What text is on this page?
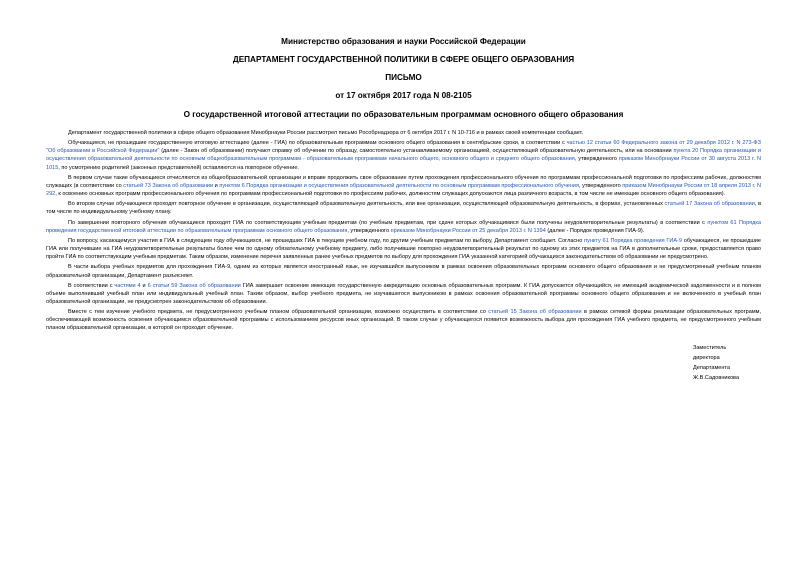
Министерство образования и науки Российской Федерации

ДЕПАРТАМЕНТ ГОСУДАРСТВЕННОЙ ПОЛИТИКИ В СФЕРЕ ОБЩЕГО ОБРАЗОВАНИЯ

ПИСЬМО

от 17 октября 2017 года N 08-2105

О государственной итоговой аттестации по образовательным программам основного общего образования

Департамент государственной политики в сфере общего образования Минобрнауки России рассмотрел письмо Рособрнадзора от 6 октября 2017 г. N 10-716 и в рамках своей компетенции сообщает.

Обучающиеся, не прошедшие государственную итоговую аттестацию (далее - ГИА) по образовательным программам основного общего образования в сентябрьские сроки, в соответствии с частью 12 статьи 60 Федерального закона от 29 декабря 2012 г. N 273-ФЗ "Об образовании в Российской Федерации" (далее - Закон об образовании) получают справку об обучении по образцу, самостоятельно устанавливаемому организацией, осуществляющей образовательную деятельность, или на основании пункта 20 Порядка организации и осуществления образовательной деятельности по основным общеобразовательным программам - образовательным программам начального общего, основного общего и среднего общего образования, утвержденного приказом Минобрнауки России от 30 августа 2013 г. N 1015, по усмотрению родителей (законных представителей) оставляются на повторное обучение.

В первом случае такие обучающиеся отчисляются из общеобразовательной организации и вправе продолжить свое образование путем прохождения профессионального обучения по программам профессиональной подготовки по профессиям рабочих, должностям служащих (в соответствии со статьей 73 Закона об образовании и пунктом 6 Порядка организации и осуществления образовательной деятельности по основным программам профессионального обучения, утвержденного приказом Минобрнауки России от 18 апреля 2013 г. N 292, к освоению основных программ профессионального обучения по программам профессиональной подготовки по профессиям рабочих, должностям служащих допускаются лица различного возраста, в том числе не имеющие основного общего образования).

Во втором случае обучающиеся проходят повторное обучение в организации, осуществляющей образовательную деятельность, или вне организации, осуществляющей образовательную деятельность, в формах, установленных статьей 17 Закона об образовании, в том числе по индивидуальному учебному плану.

По завершении повторного обучения обучающиеся проходят ГИА по соответствующим учебным предметам (по учебным предметам, при сдаче которых обучающимися были получены неудовлетворительные результаты) в соответствии с пунктом 61 Порядка проведения государственной итоговой аттестации по образовательным программам основного общего образования, утвержденного приказом Минобрнауки России от 25 декабря 2013 г. N 1394 (далее - Порядок проведения ГИА-9).

По вопросу, касающемуся участия в ГИА в следующем году обучающихся, не прошедших ГИА в текущем учебном году, по другим учебным предметам по выбору, Департамент сообщает. Согласно пункту 61 Порядка проведения ГИА-9 обучающиеся, не прошедшие ГИА или получившие на ГИА неудовлетворительные результаты более чем по одному обязательному учебному предмету, либо получившие повторно неудовлетворительный результат по одному из этих предметов на ГИА в дополнительные сроки, предоставляется право пройти ГИА по соответствующим учебным предметам. Таким образом, изменение перечня заявленных ранее учебных предметов по выбору для прохождения ГИА указанной категорией обучающихся законодательством об образовании не предусмотрено.

В части выбора учебных предметов для прохождения ГИА-9, одним из которых является иностранный язык, не изучавшийся выпускником в рамках освоения образовательных программ основного общего образования и не предусмотренный учебным планом образовательной организации, Департамент разъясняет.

В соответствии с частями 4 и 6 статьи 59 Закона об образовании ГИА завершает освоение имеющих государственную аккредитацию основных образовательных программ. К ГИА допускается обучающийся, не имеющий академической задолженности и в полном объеме выполнивший учебный план или индивидуальный учебный план. Таким образом, выбор учебного предмета, не изучавшегося выпускником в рамках освоения образовательной программы основного общего образования и не включенного в учебный план образовательной организации, не предусмотрен законодательством об образовании.

Вместе с тем изучение учебного предмета, не предусмотренного учебным планом образовательной организации, возможно осуществить в соответствии со статьей 15 Закона об образовании в рамках сетевой формы реализации образовательных программ, обеспечивающей возможность освоения обучающимся образовательной программы с использованием ресурсов иных организаций. В таком случае у обучающегося появится возможность выбора для прохождения ГИА учебного предмета, не предусмотренного учебным планом образовательной организации, в которой он проходит обучение.

Заместитель
директора Департамента
Ж.В.Садовникова
